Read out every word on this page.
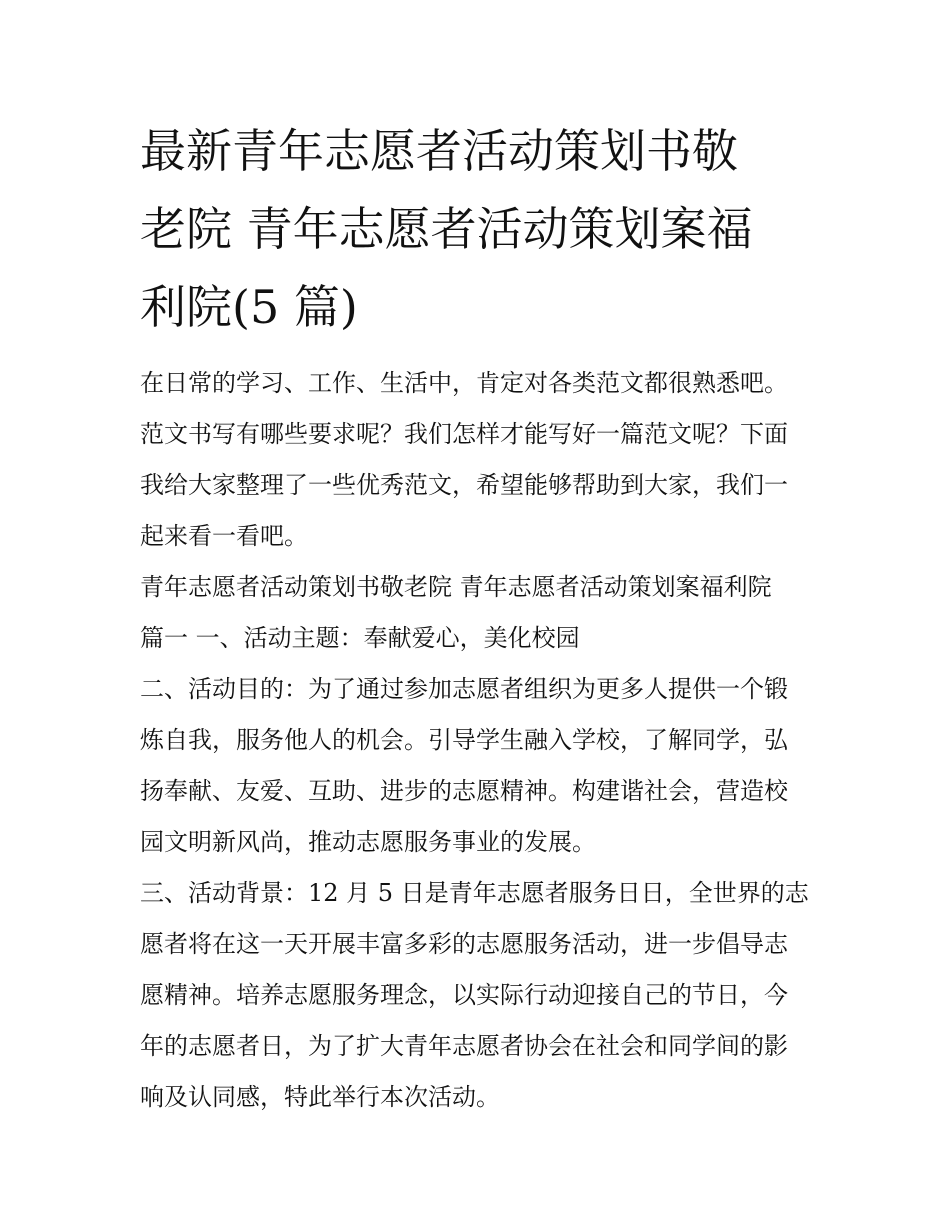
最新青年志愿者活动策划书敬
老院 青年志愿者活动策划案福
利院(5 篇)

在日常的学习、工作、生活中，肯定对各类范文都很熟悉吧。

范文书写有哪些要求呢？我们怎样才能写好一篇范文呢？下面

我给大家整理了一些优秀范文，希望能够帮助到大家，我们一

起来看一看吧。

青年志愿者活动策划书敬老院 青年志愿者活动策划案福利院

篇一 一、活动主题：奉献爱心，美化校园

二、活动目的：为了通过参加志愿者组织为更多人提供一个锻

炼自我，服务他人的机会。引导学生融入学校，了解同学，弘

扬奉献、友爱、互助、进步的志愿精神。构建谐社会，营造校

园文明新风尚，推动志愿服务事业的发展。

三、活动背景：12 月 5 日是青年志愿者服务日日，全世界的志

愿者将在这一天开展丰富多彩的志愿服务活动，进一步倡导志

愿精神。培养志愿服务理念，以实际行动迎接自己的节日，今

年的志愿者日，为了扩大青年志愿者协会在社会和同学间的影

响及认同感，特此举行本次活动。
